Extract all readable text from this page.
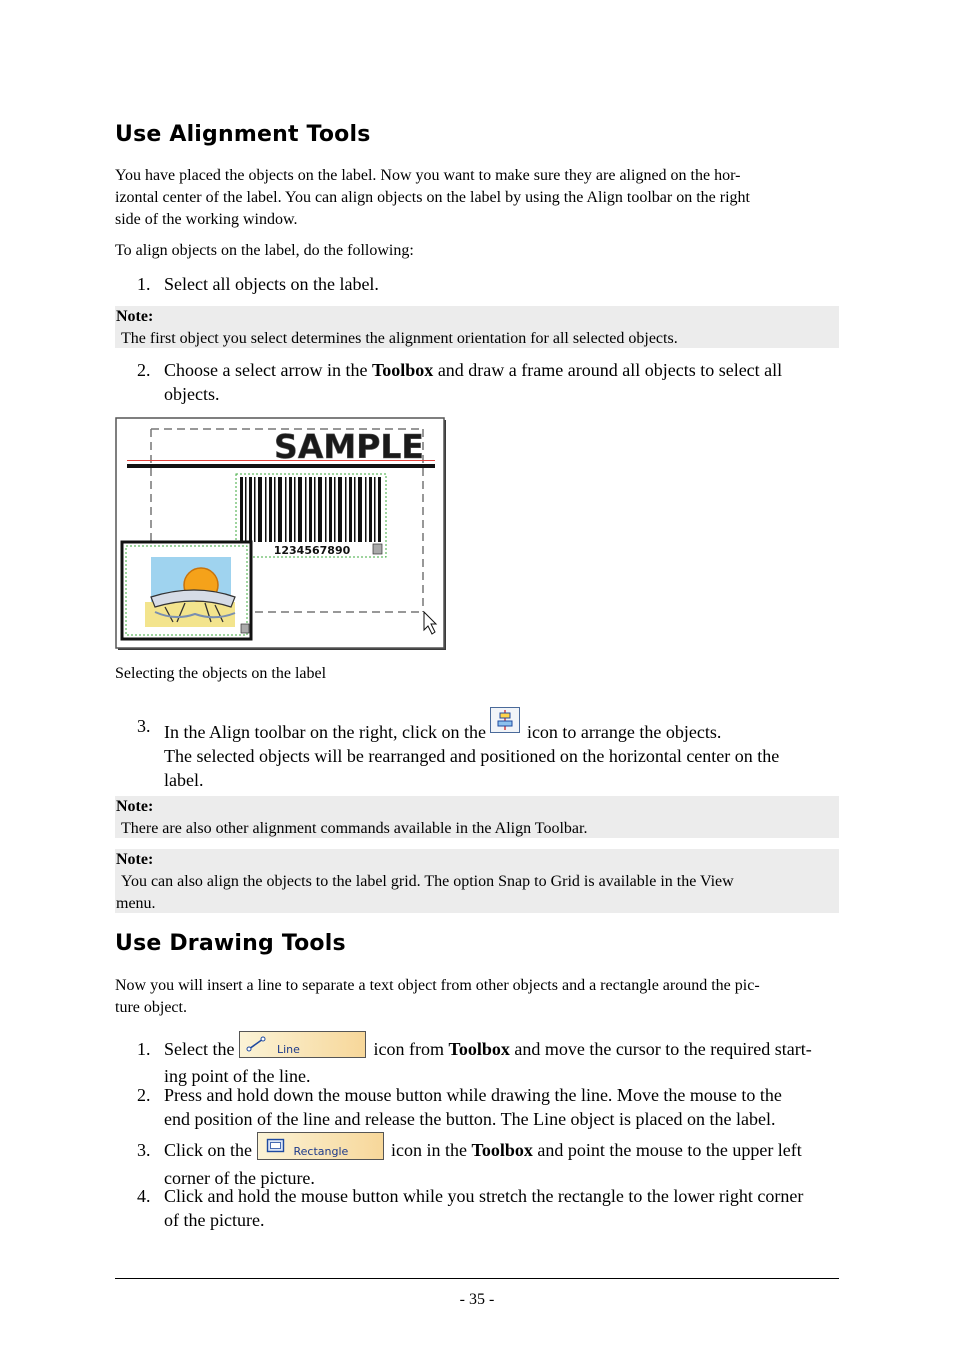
Use Alignment Tools
You have placed the objects on the label. Now you want to make sure they are aligned on the hor-
izontal center of the label. You can align objects on the label by using the Align toolbar on the right
side of the working window.
To align objects on the label, do the following:
1. Select all objects on the label.
Note:
The first object you select determines the alignment orientation for all selected objects.
2. Choose a select arrow in the Toolbox and draw a frame around all objects to select all
objects.
SAMPLE
1234567890
Selecting the objects on the label
3. In the Align toolbar on the right, click on the  icon to arrange the objects.
The selected objects will be rearranged and positioned on the horizontal center on the
label.
Note:
There are also other alignment commands available in the Align Toolbar.
Note:
You can also align the objects to the label grid. The option Snap to Grid is available in the View
menu.
Use Drawing Tools
Now you will insert a line to separate a text object from other objects and a rectangle around the pic-
ture object.
1. Select the	Line	icon from Toolbox and move the cursor to the required start-
ing point of the line.
2. Press and hold down the mouse button while drawing the line. Move the mouse to the
end position of the line and release the button. The Line object is placed on the label.
3. Click on the	Rectangle icon in the Toolbox and point the mouse to the upper left
corner of the picture.
4. Click and hold the mouse button while you stretch the rectangle to the lower right corner
of the picture.
- 35 -
